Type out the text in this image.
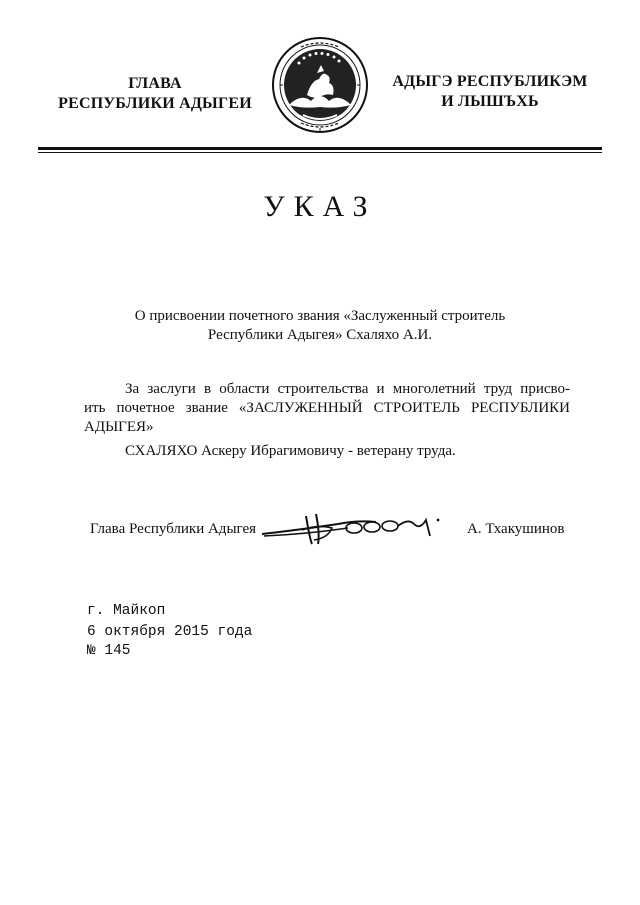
ГЛАВА
РЕСПУБЛИКИ АДЫГЕИ
АДЫГЭ РЕСПУБЛИКЭМ
И ЛЫШЪХЬ
УКАЗ
О присвоении почетного звания «Заслуженный строитель
Республики Адыгея» Схаляхо А.И.
За заслуги в области строительства и многолетний труд присво-
ить почетное звание «ЗАСЛУЖЕННЫЙ СТРОИТЕЛЬ РЕСПУБЛИКИ
АДЫГЕЯ»
СХАЛЯХО Аскеру Ибрагимовичу - ветерану труда.
Глава Республики Адыгея	А. Тхакушинов
г. Майкоп
6 октября 2015 года
№ 145
